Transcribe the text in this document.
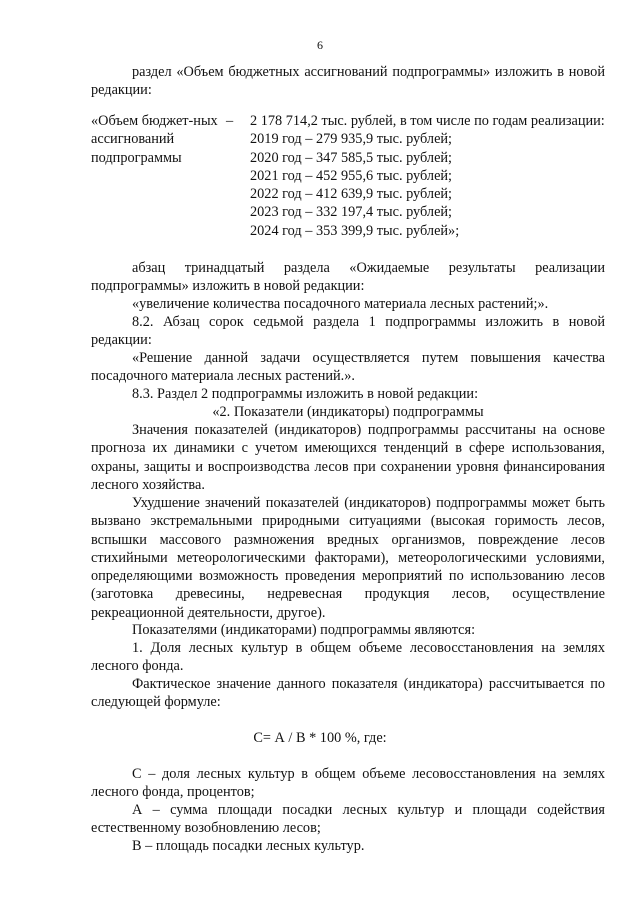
6

раздел «Объем бюджетных ассигнований подпрограммы» изложить в новой редакции:

«Объем бюджет-ных ассигнований подпрограммы

– 2 178 714,2 тыс. рублей, в том числе по годам реализации:
2019 год – 279 935,9 тыс. рублей;
2020 год – 347 585,5 тыс. рублей;
2021 год – 452 955,6 тыс. рублей;
2022 год – 412 639,9 тыс. рублей;
2023 год – 332 197,4 тыс. рублей;
2024 год – 353 399,9 тыс. рублей»;

абзац тринадцатый раздела «Ожидаемые результаты реализации подпрограммы» изложить в новой редакции:

«увеличение количества посадочного материала лесных растений;».

8.2. Абзац сорок седьмой раздела 1 подпрограммы изложить в новой редакции:

«Решение данной задачи осуществляется путем повышения качества посадочного материала лесных растений.».

8.3. Раздел 2 подпрограммы изложить в новой редакции:

«2. Показатели (индикаторы) подпрограммы

Значения показателей (индикаторов) подпрограммы рассчитаны на основе прогноза их динамики с учетом имеющихся тенденций в сфере использования, охраны, защиты и воспроизводства лесов при сохранении уровня финансирования лесного хозяйства.

Ухудшение значений показателей (индикаторов) подпрограммы может быть вызвано экстремальными природными ситуациями (высокая горимость лесов, вспышки массового размножения вредных организмов, повреждение лесов стихийными метеорологическими факторами), метеорологическими условиями, определяющими возможность проведения мероприятий по использованию лесов (заготовка древесины, недревесная продукция лесов, осуществление рекреационной деятельности, другое).

Показателями (индикаторами) подпрограммы являются:

1. Доля лесных культур в общем объеме лесовосстановления на землях лесного фонда.

Фактическое значение данного показателя (индикатора) рассчитывается по следующей формуле:

С= А / В * 100 %, где:

С – доля лесных культур в общем объеме лесовосстановления на землях лесного фонда, процентов;

А – сумма площади посадки лесных культур и площади содействия естественному возобновлению лесов;

В – площадь посадки лесных культур.
